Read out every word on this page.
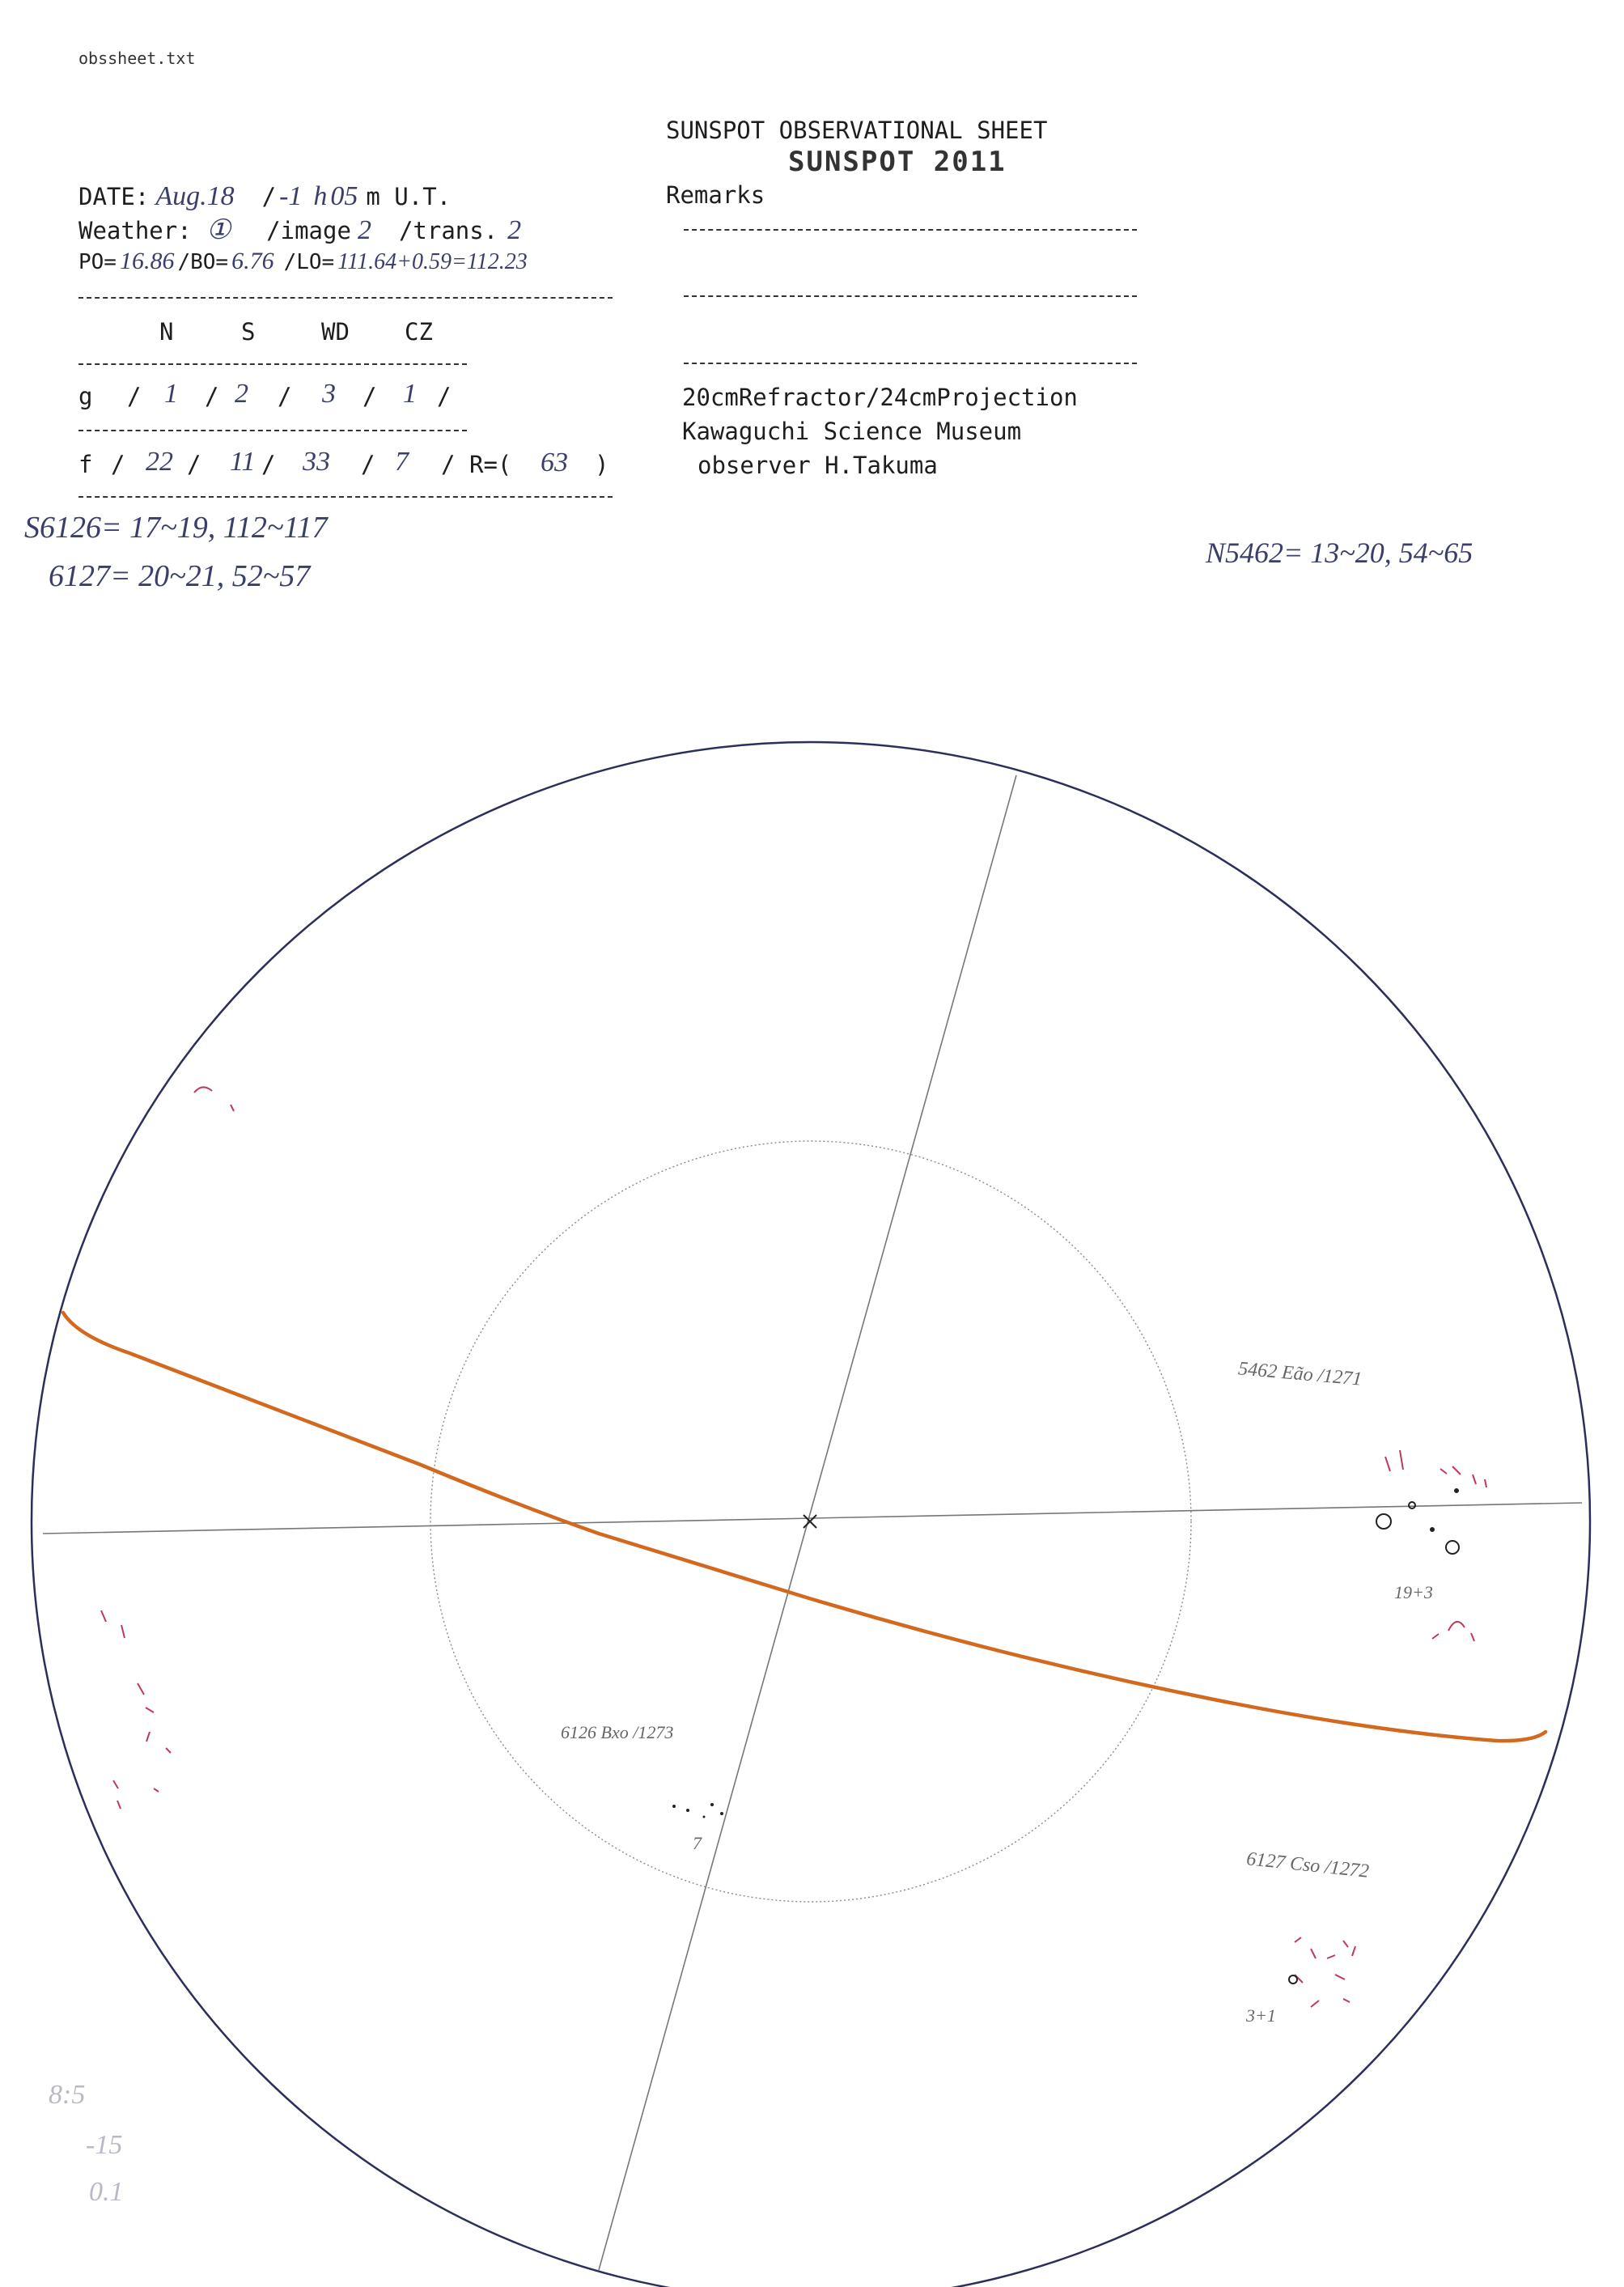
obssheet.txt
SUNSPOT OBSERVATIONAL SHEET
SUNSPOT 2011
DATE: Aug.18 / -1 h 05 m U.T.
Weather: ① /image 2 /trans. 2
PO= 16.86 /BO= 6.76 /LO= 111.64+0.59=112.23
N	S	WD CZ
g / 1 / 2 / 3 / 1 /
f / 22 / 11 / 33 / 7 / R=( 63 )
Remarks
20cmRefractor/24cmProjection
Kawaguchi Science Museum
observer H.Takuma
S6126= 17~19, 112~117
6127= 20~21, 52~57
N5462= 13~20, 54~65
5462 Eão /1271
19+3
6126 Bxo /1273
7
6127 Cso /1272
3+1
8:5
-15
0.1
